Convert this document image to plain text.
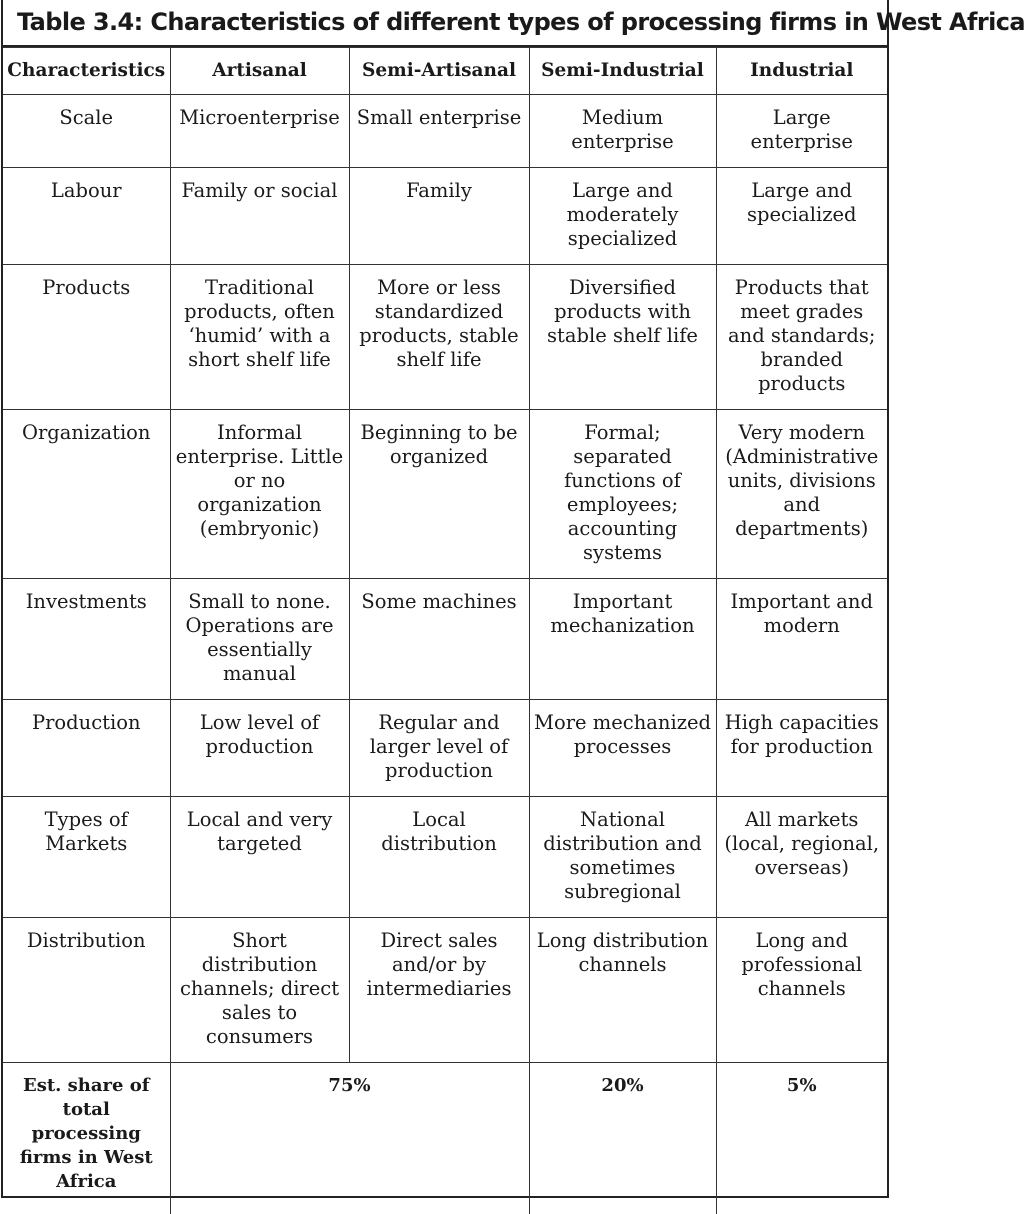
Table 3.4: Characteristics of different types of processing firms in West Africa
Characteristics	Artisanal	Semi-Artisanal	Semi-Industrial	Industrial
Scale	Microenterprise	Small enterprise	Medium enterprise	Large enterprise
Labour	Family or social	Family	Large and moderately specialized	Large and specialized
Products	Traditional products, often ‘humid’ with a short shelf life	More or less standardized products, stable shelf life	Diversified products with stable shelf life	Products that meet grades and standards; branded products
Organization	Informal enterprise. Little or no organization (embryonic)	Beginning to be organized	Formal; separated functions of employees; accounting systems	Very modern (Administrative units, divisions and departments)
Investments	Small to none. Operations are essentially manual	Some machines	Important mechanization	Important and modern
Production	Low level of production	Regular and larger level of production	More mechanized processes	High capacities for production
Types of Markets	Local and very targeted	Local distribution	National distribution and sometimes subregional	All markets (local, regional, overseas)
Distribution	Short distribution channels; direct sales to consumers	Direct sales and/or by intermediaries	Long distribution channels	Long and professional channels
Est. share of total processing firms in West Africa	75%		20%	5%
